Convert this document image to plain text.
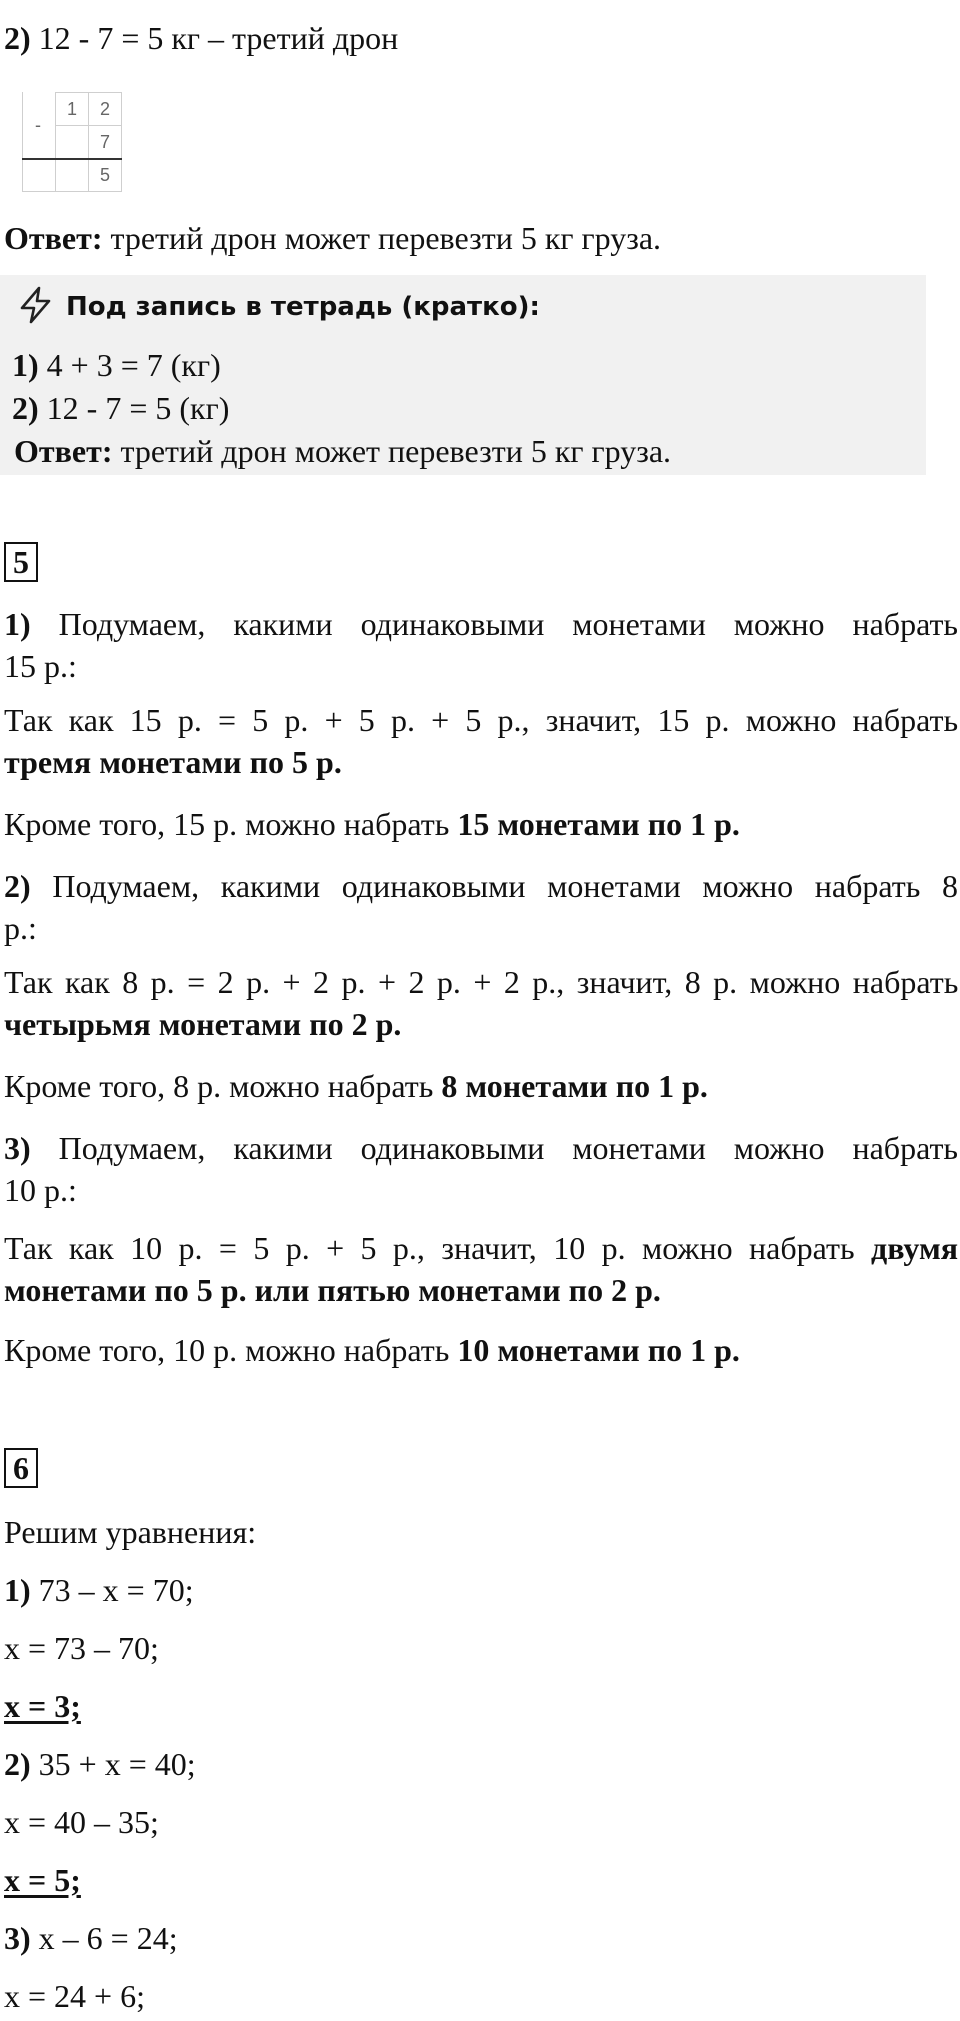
2) 12 - 7 = 5 кг – третий дрон
-
1	2
7
5
Ответ: третий дрон может перевезти 5 кг груза.
Под запись в тетрадь (кратко):
1) 4 + 3 = 7 (кг)
2) 12 - 7 = 5 (кг)
Ответ: третий дрон может перевезти 5 кг груза.
5
1) Подумаем, какими одинаковыми монетами можно набрать
15 р.:
Так как 15 р. = 5 р. + 5 р. + 5 р., значит, 15 р. можно набрать
тремя монетами по 5 р.
Кроме того, 15 р. можно набрать 15 монетами по 1 р.
2) Подумаем, какими одинаковыми монетами можно набрать 8
р.:
Так как 8 р. = 2 р. + 2 р. + 2 р. + 2 р., значит, 8 р. можно набрать
четырьмя монетами по 2 р.
Кроме того, 8 р. можно набрать 8 монетами по 1 р.
3) Подумаем, какими одинаковыми монетами можно набрать
10 р.:
Так как 10 р. = 5 р. + 5 р., значит, 10 р. можно набрать двумя
монетами по 5 р. или пятью монетами по 2 р.
Кроме того, 10 р. можно набрать 10 монетами по 1 р.
6
Решим уравнения:
1) 73 – x = 70;
x = 73 – 70;
x = 3;
2) 35 + x = 40;
x = 40 – 35;
x = 5;
3) x – 6 = 24;
x = 24 + 6;
